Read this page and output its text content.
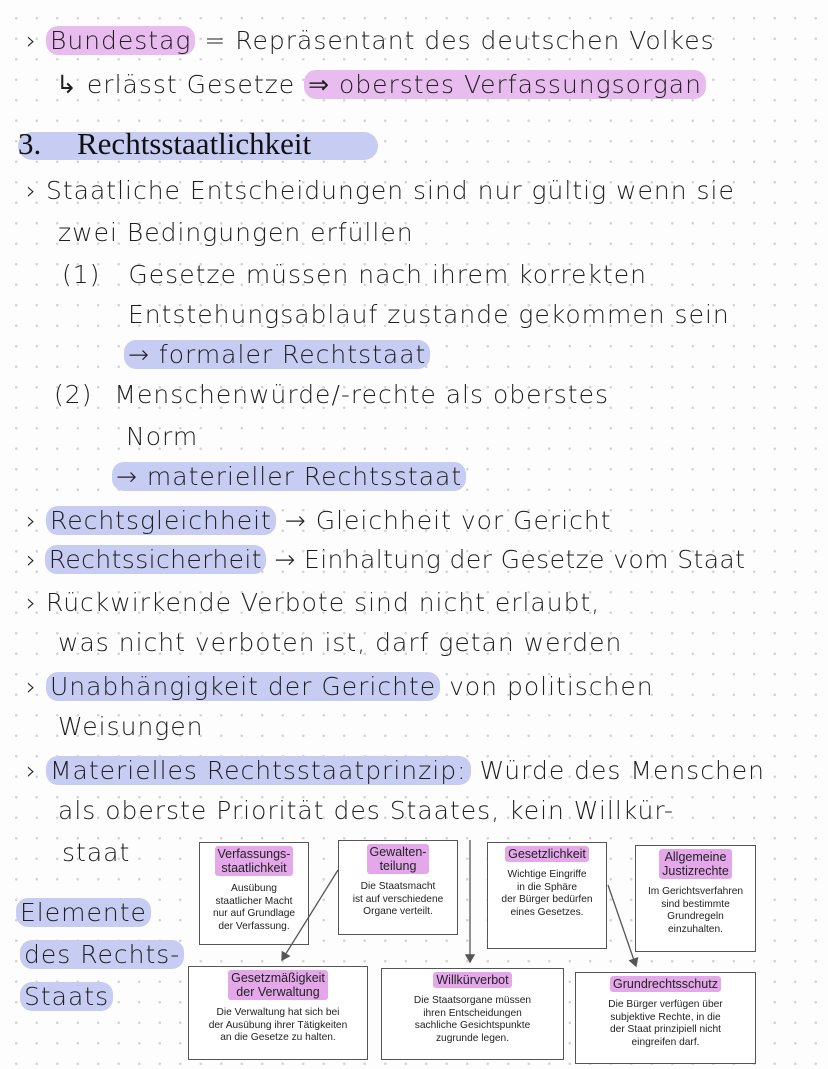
› Bundestag = Repräsentant des deutschen Volkes
↳ erlässt Gesetze ⇒ oberstes Verfassungsorgan
3. Rechtsstaatlichkeit
› Staatliche Entscheidungen sind nur gültig wenn sie
zwei Bedingungen erfüllen
(1) Gesetze müssen nach ihrem korrekten
Entstehungsablauf zustande gekommen sein
→ formaler Rechtstaat
(2) Menschenwürde/-rechte als oberstes
Norm
→ materieller Rechtsstaat
› Rechtsgleichheit → Gleichheit vor Gericht
› Rechtssicherheit → Einhaltung der Gesetze vom Staat
› Rückwirkende Verbote sind nicht erlaubt,
was nicht verboten ist, darf getan werden
› Unabhängigkeit der Gerichte von politischen
Weisungen
› Materielles Rechtsstaatprinzip: Würde des Menschen
als oberste Priorität des Staates, kein Willkür-
staat
Elemente
des Rechts-
Staats
Verfassungs-
staatlichkeit
Ausübung
staatlicher Macht
nur auf Grundlage
der Verfassung.
Gewalten-
teilung
Die Staatsmacht
ist auf verschiedene
Organe verteilt.
Gesetzlichkeit
Wichtige Eingriffe
in die Sphäre
der Bürger bedürfen
eines Gesetzes.
Allgemeine
Justizrechte
Im Gerichtsverfahren
sind bestimmte
Grundregeln
einzuhalten.
Gesetzmäßigkeit
der Verwaltung
Die Verwaltung hat sich bei
der Ausübung ihrer Tätigkeiten
an die Gesetze zu halten.
Willkürverbot
Die Staatsorgane müssen
ihren Entscheidungen
sachliche Gesichtspunkte
zugrunde legen.
Grundrechtsschutz
Die Bürger verfügen über
subjektive Rechte, in die
der Staat prinzipiell nicht
eingreifen darf.
